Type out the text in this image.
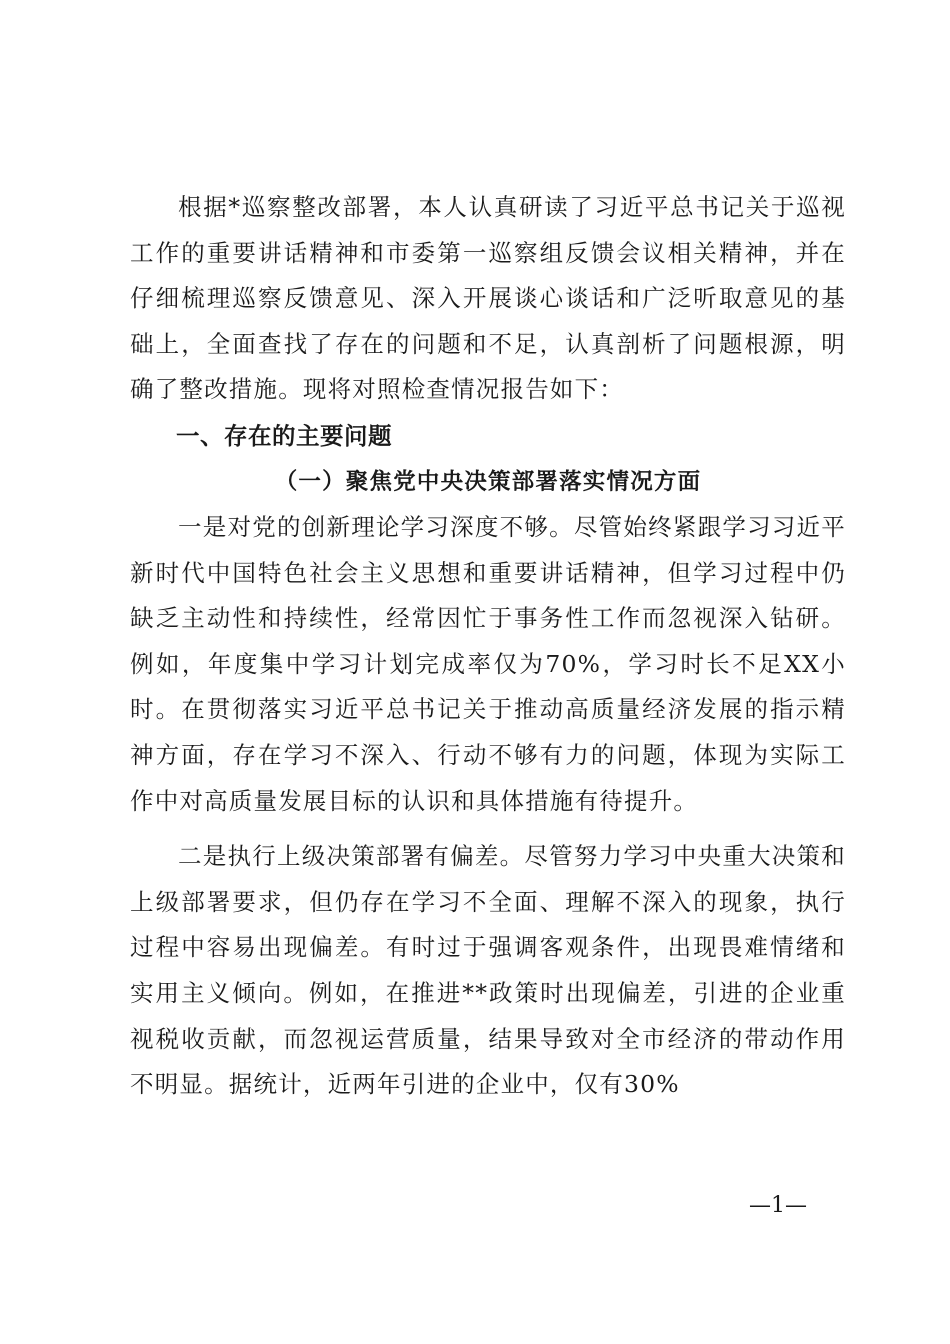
根据*巡察整改部署，本人认真研读了习近平总书记关于巡视工作的重要讲话精神和市委第一巡察组反馈会议相关精神，并在仔细梳理巡察反馈意见、深入开展谈心谈话和广泛听取意见的基础上，全面查找了存在的问题和不足，认真剖析了问题根源，明确了整改措施。现将对照检查情况报告如下：

一、存在的主要问题

（一）聚焦党中央决策部署落实情况方面

一是对党的创新理论学习深度不够。尽管始终紧跟学习习近平新时代中国特色社会主义思想和重要讲话精神，但学习过程中仍缺乏主动性和持续性，经常因忙于事务性工作而忽视深入钻研。例如，年度集中学习计划完成率仅为70%，学习时长不足XX小时。在贯彻落实习近平总书记关于推动高质量经济发展的指示精神方面，存在学习不深入、行动不够有力的问题，体现为实际工作中对高质量发展目标的认识和具体措施有待提升。

二是执行上级决策部署有偏差。尽管努力学习中央重大决策和上级部署要求，但仍存在学习不全面、理解不深入的现象，执行过程中容易出现偏差。有时过于强调客观条件，出现畏难情绪和实用主义倾向。例如，在推进**政策时出现偏差，引进的企业重视税收贡献，而忽视运营质量，结果导致对全市经济的带动作用不明显。据统计，近两年引进的企业中，仅有30%

—1—
